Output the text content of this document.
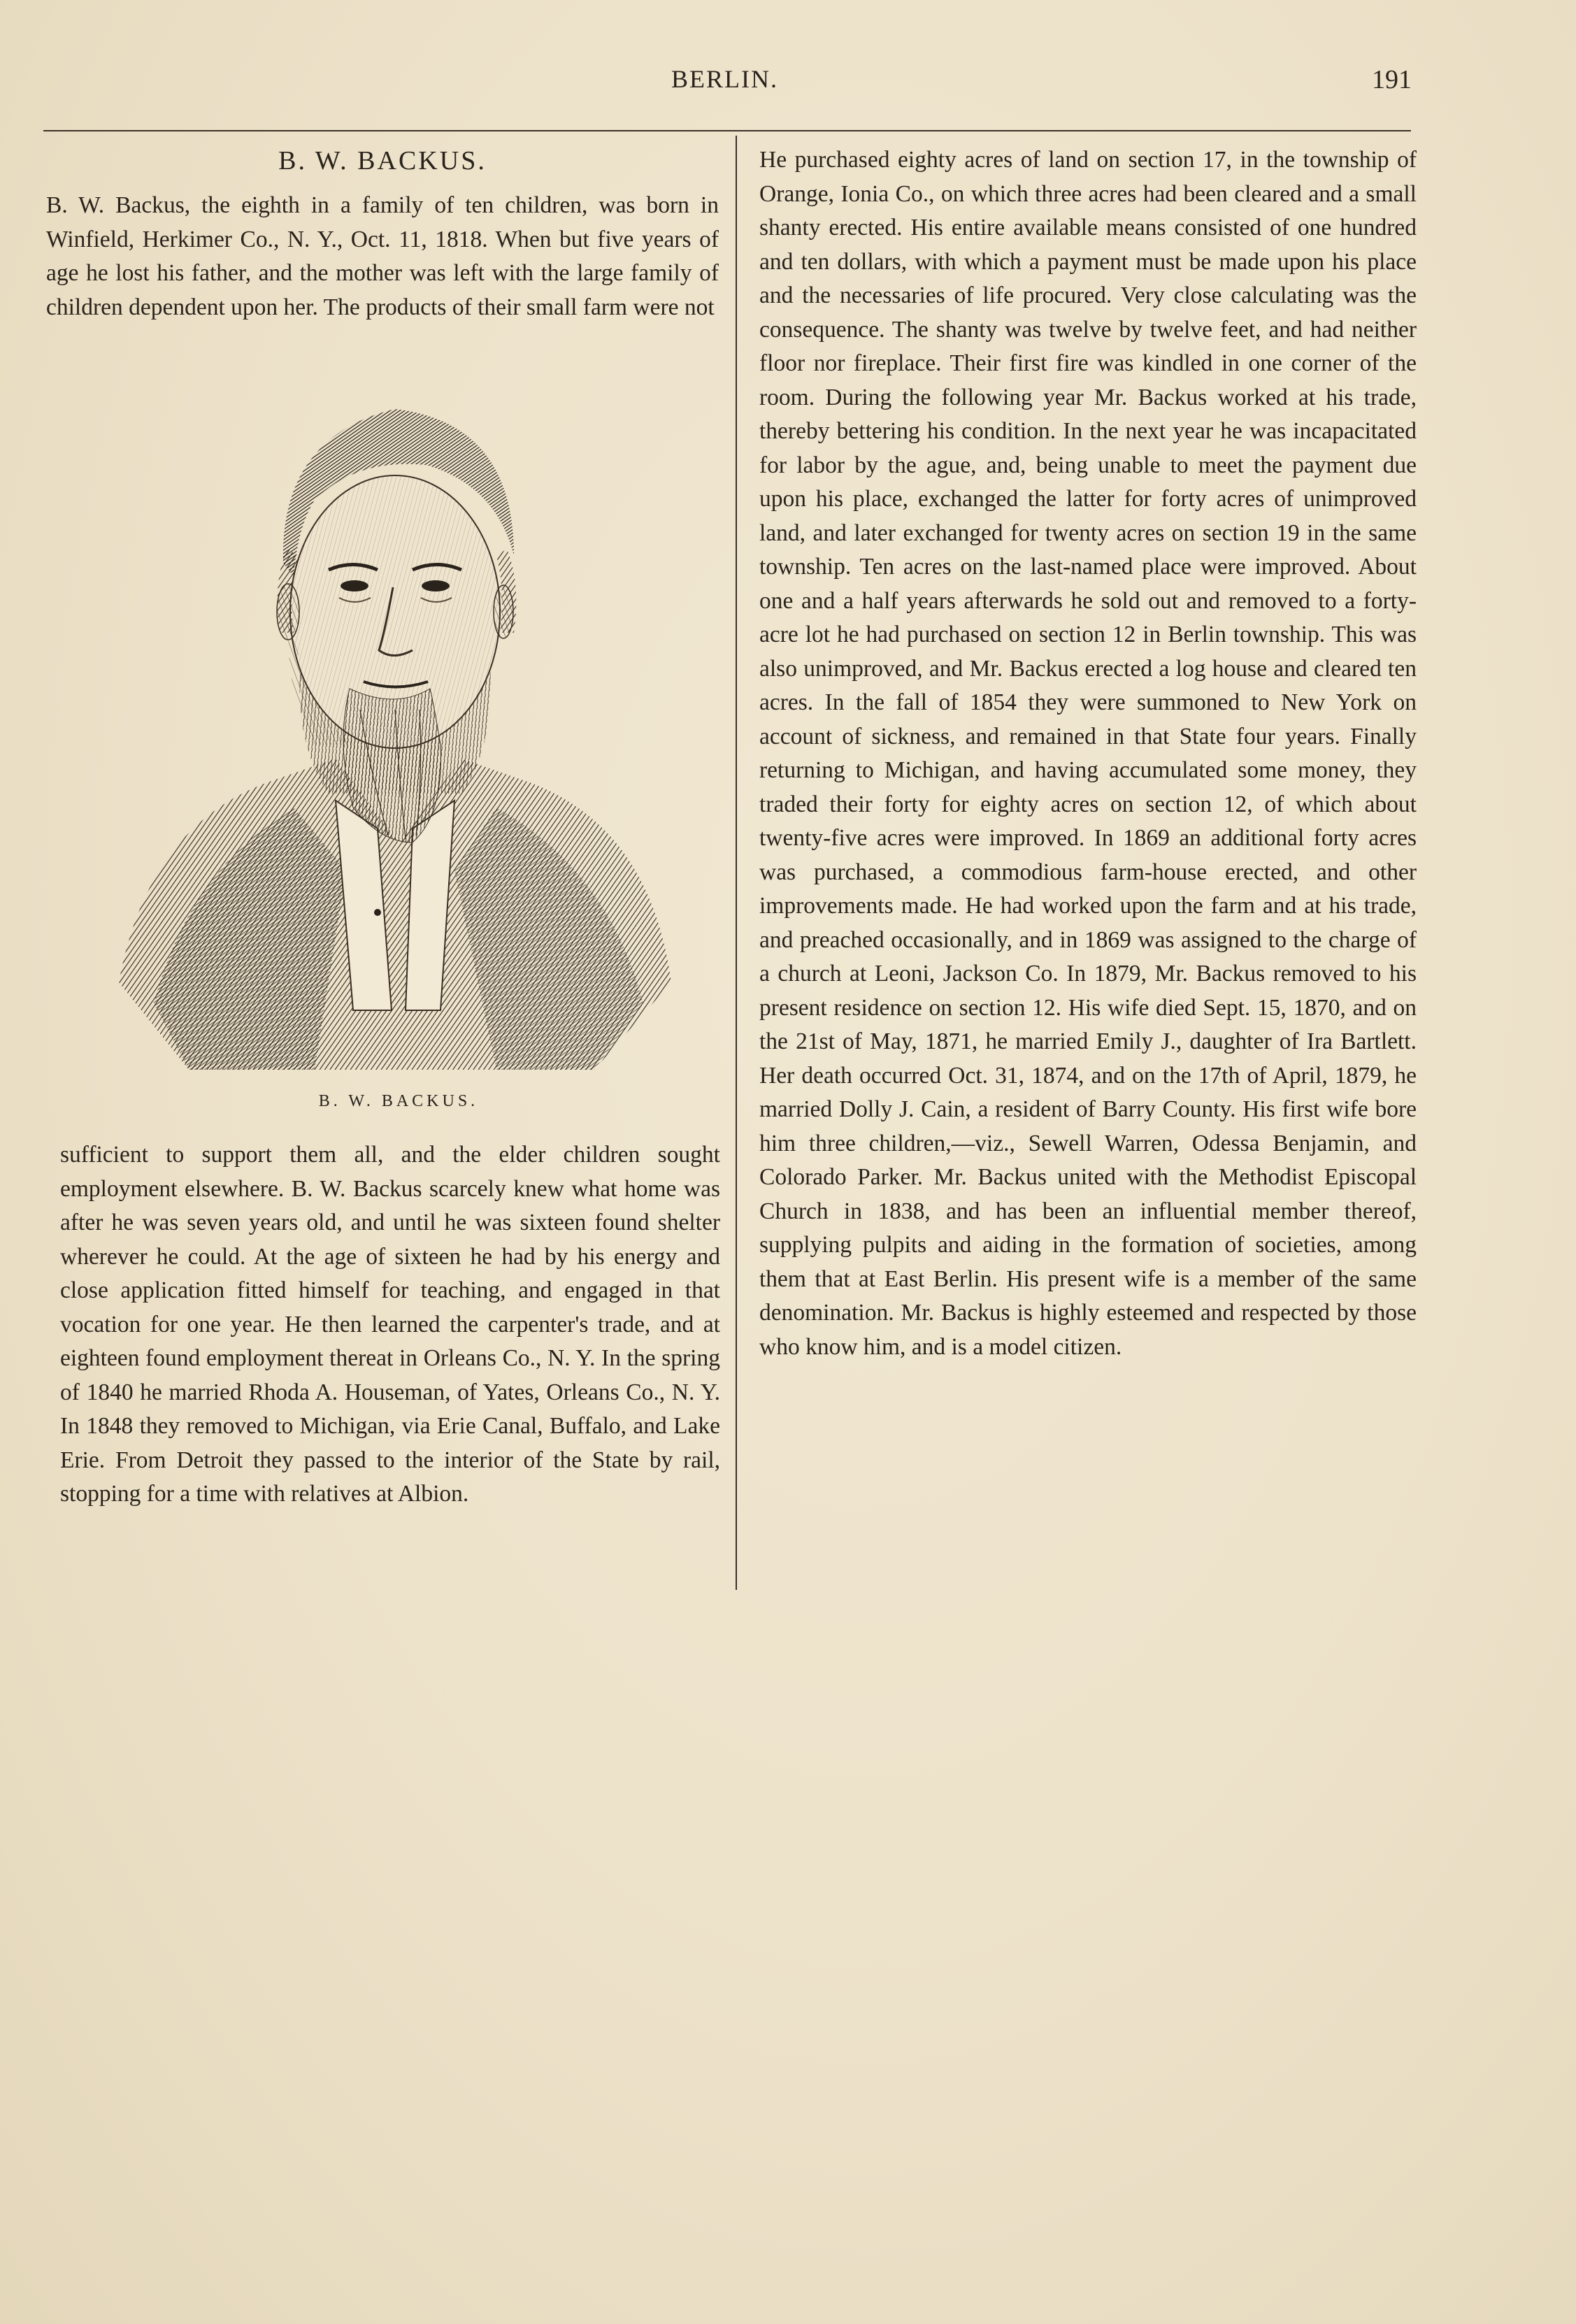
BERLIN.	191
B. W. BACKUS.

B. W. Backus, the eighth in a family of ten children, was born in Winfield, Herkimer Co., N. Y., Oct. 11, 1818. When but five years of age he lost his father, and the mother was left with the large family of children dependent upon her. The products of their small farm were not

B. W. BACKUS.

sufficient to support them all, and the elder children sought employment elsewhere. B. W. Backus scarcely knew what home was after he was seven years old, and until he was sixteen found shelter wherever he could. At the age of sixteen he had by his energy and close application fitted himself for teaching, and engaged in that vocation for one year. He then learned the carpenter's trade, and at eighteen found employment thereat in Orleans Co., N. Y. In the spring of 1840 he married Rhoda A. Houseman, of Yates, Orleans Co., N. Y. In 1848 they removed to Michigan, via Erie Canal, Buffalo, and Lake Erie. From Detroit they passed to the interior of the State by rail, stopping for a time with relatives at Albion.

He purchased eighty acres of land on section 17, in the township of Orange, Ionia Co., on which three acres had been cleared and a small shanty erected. His entire available means consisted of one hundred and ten dollars, with which a payment must be made upon his place and the necessaries of life procured. Very close calculating was the consequence. The shanty was twelve by twelve feet, and had neither floor nor fireplace. Their first fire was kindled in one corner of the room. During the following year Mr. Backus worked at his trade, thereby bettering his condition. In the next year he was incapacitated for labor by the ague, and, being unable to meet the payment due upon his place, exchanged the latter for forty acres of unimproved land, and later exchanged for twenty acres on section 19 in the same township. Ten acres on the last-named place were improved. About one and a half years afterwards he sold out and removed to a forty-acre lot he had purchased on section 12 in Berlin township. This was also unimproved, and Mr. Backus erected a log house and cleared ten acres. In the fall of 1854 they were summoned to New York on account of sickness, and remained in that State four years. Finally returning to Michigan, and having accumulated some money, they traded their forty for eighty acres on section 12, of which about twenty-five acres were improved. In 1869 an additional forty acres was purchased, a commodious farm-house erected, and other improvements made. He had worked upon the farm and at his trade, and preached occasionally, and in 1869 was assigned to the charge of a church at Leoni, Jackson Co. In 1879, Mr. Backus removed to his present residence on section 12. His wife died Sept. 15, 1870, and on the 21st of May, 1871, he married Emily J., daughter of Ira Bartlett. Her death occurred Oct. 31, 1874, and on the 17th of April, 1879, he married Dolly J. Cain, a resident of Barry County. His first wife bore him three children,—viz., Sewell Warren, Odessa Benjamin, and Colorado Parker. Mr. Backus united with the Methodist Episcopal Church in 1838, and has been an influential member thereof, supplying pulpits and aiding in the formation of societies, among them that at East Berlin. His present wife is a member of the same denomination. Mr. Backus is highly esteemed and respected by those who know him, and is a model citizen.
